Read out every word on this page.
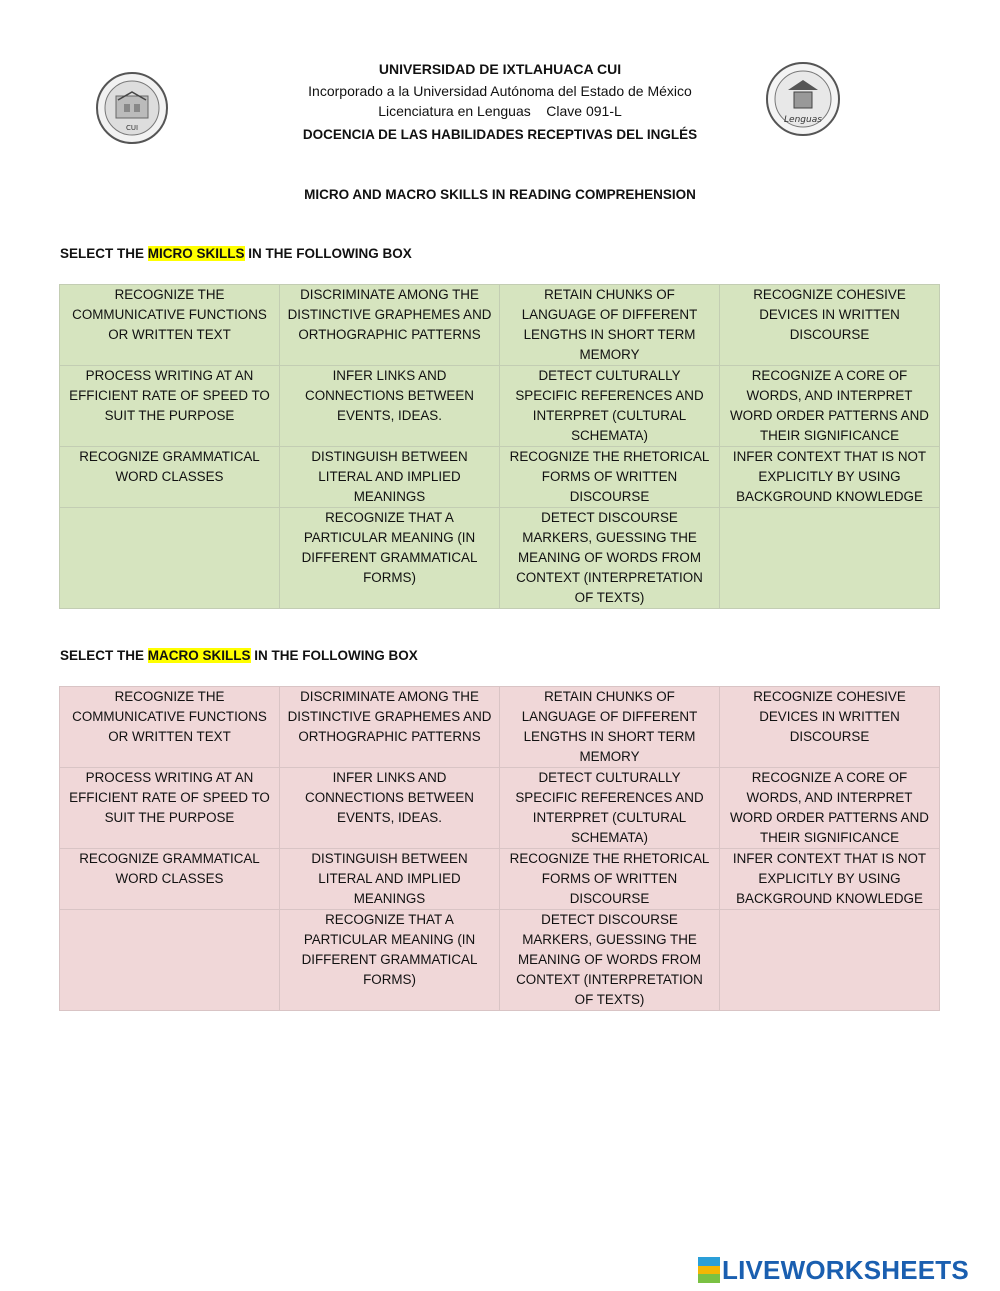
CUI
Lenguas
UNIVERSIDAD DE IXTLAHUACA CUI
Incorporado a la Universidad Autónoma del Estado de México
Licenciatura en Lenguas    Clave 091-L
DOCENCIA DE LAS HABILIDADES RECEPTIVAS DEL INGLÉS
MICRO AND MACRO SKILLS IN READING COMPREHENSION
SELECT THE MICRO SKILLS IN THE FOLLOWING BOX
RECOGNIZE THE COMMUNICATIVE FUNCTIONS OR WRITTEN TEXT	DISCRIMINATE AMONG THE DISTINCTIVE GRAPHEMES AND ORTHOGRAPHIC PATTERNS	RETAIN CHUNKS OF LANGUAGE OF DIFFERENT LENGTHS IN SHORT TERM MEMORY	RECOGNIZE COHESIVE DEVICES IN WRITTEN DISCOURSE
PROCESS WRITING AT AN EFFICIENT RATE OF SPEED TO SUIT THE PURPOSE	INFER LINKS AND CONNECTIONS BETWEEN EVENTS, IDEAS.	DETECT CULTURALLY SPECIFIC REFERENCES AND INTERPRET (CULTURAL SCHEMATA)	RECOGNIZE A CORE OF WORDS, AND INTERPRET WORD ORDER PATTERNS AND THEIR SIGNIFICANCE
RECOGNIZE GRAMMATICAL WORD CLASSES	DISTINGUISH BETWEEN LITERAL AND IMPLIED MEANINGS	RECOGNIZE THE RHETORICAL FORMS OF WRITTEN DISCOURSE	INFER CONTEXT THAT IS NOT EXPLICITLY BY USING BACKGROUND KNOWLEDGE
	RECOGNIZE THAT A PARTICULAR MEANING (IN DIFFERENT GRAMMATICAL FORMS)	DETECT DISCOURSE MARKERS, GUESSING THE MEANING OF WORDS FROM CONTEXT (INTERPRETATION OF TEXTS)	
SELECT THE MACRO SKILLS IN THE FOLLOWING BOX
RECOGNIZE THE COMMUNICATIVE FUNCTIONS OR WRITTEN TEXT	DISCRIMINATE AMONG THE DISTINCTIVE GRAPHEMES AND ORTHOGRAPHIC PATTERNS	RETAIN CHUNKS OF LANGUAGE OF DIFFERENT LENGTHS IN SHORT TERM MEMORY	RECOGNIZE COHESIVE DEVICES IN WRITTEN DISCOURSE
PROCESS WRITING AT AN EFFICIENT RATE OF SPEED TO SUIT THE PURPOSE	INFER LINKS AND CONNECTIONS BETWEEN EVENTS, IDEAS.	DETECT CULTURALLY SPECIFIC REFERENCES AND INTERPRET (CULTURAL SCHEMATA)	RECOGNIZE A CORE OF WORDS, AND INTERPRET WORD ORDER PATTERNS AND THEIR SIGNIFICANCE
RECOGNIZE GRAMMATICAL WORD CLASSES	DISTINGUISH BETWEEN LITERAL AND IMPLIED MEANINGS	RECOGNIZE THE RHETORICAL FORMS OF WRITTEN DISCOURSE	INFER CONTEXT THAT IS NOT EXPLICITLY BY USING BACKGROUND KNOWLEDGE
	RECOGNIZE THAT A PARTICULAR MEANING (IN DIFFERENT GRAMMATICAL FORMS)	DETECT DISCOURSE MARKERS, GUESSING THE MEANING OF WORDS FROM CONTEXT (INTERPRETATION OF TEXTS)	
LIVEWORKSHEETS
